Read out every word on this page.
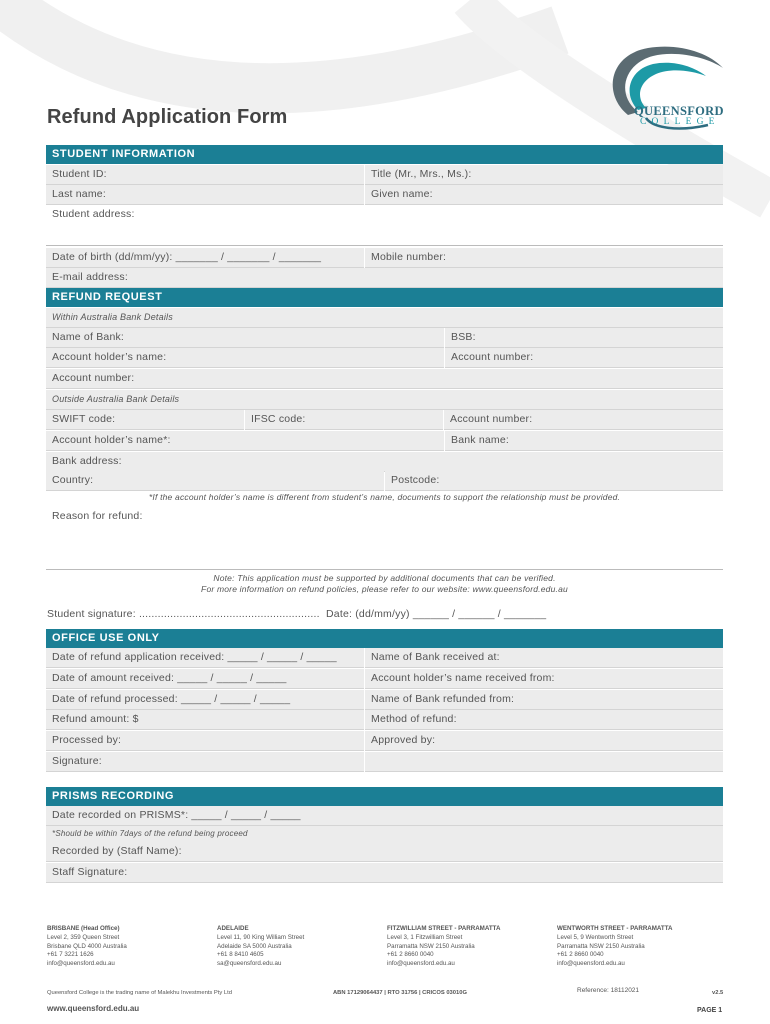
QUEENSFORD
COLLEGE
Refund Application Form
STUDENT INFORMATION
Student ID:	Title (Mr., Mrs., Ms.):
Last name:	Given name:
Student address:
Date of birth (dd/mm/yy): _______ / _______ / _______	Mobile number:
E-mail address:
REFUND REQUEST
Within Australia Bank Details
Name of Bank:	BSB:
Account holder’s name:	Account number:
Account number:
Outside Australia Bank Details
SWIFT code:	IFSC code:	Account number:
Account holder’s name*:	Bank name:
Bank address:
Country:	Postcode:
*If the account holder’s name is different from student’s name, documents to support the relationship must be provided.
Reason for refund:
Note: This application must be supported by additional documents that can be verified.
For more information on refund policies, please refer to our website: www.queensford.edu.au
Student signature: .......................................................... Date: (dd/mm/yy) ______ / ______ / _______
OFFICE USE ONLY
Date of refund application received: _____ / _____ / _____	Name of Bank received at:
Date of amount received: _____ / _____ / _____	Account holder’s name received from:
Date of refund processed: _____ / _____ / _____	Name of Bank refunded from:
Refund amount: $	Method of refund:
Processed by:	Approved by:
Signature:
PRISMS RECORDING
Date recorded on PRISMS*: _____ / _____ / _____
*Should be within 7days of the refund being proceed
Recorded by (Staff Name):
Staff Signature:
BRISBANE (Head Office)
Level 2, 359 Queen Street
Brisbane QLD 4000 Australia
+61 7 3221 1626
info@queensford.edu.au
ADELAIDE
Level 11, 90 King William Street
Adelaide SA 5000 Australia
+61 8 8410 4605
sa@queensford.edu.au
FITZWILLIAM STREET - PARRAMATTA
Level 3, 1 Fitzwilliam Street
Parramatta NSW 2150 Australia
+61 2 8660 0040
info@queensford.edu.au
WENTWORTH STREET - PARRAMATTA
Level 5, 9 Wentworth Street
Parramatta NSW 2150 Australia
+61 2 8660 0040
info@queensford.edu.au
Queensford College is the trading name of Malekhu Investments Pty Ltd	ABN 17129064437 | RTO 31756 | CRICOS 03010G	Reference: 18112021	v2.5
www.queensford.edu.au	PAGE 1
